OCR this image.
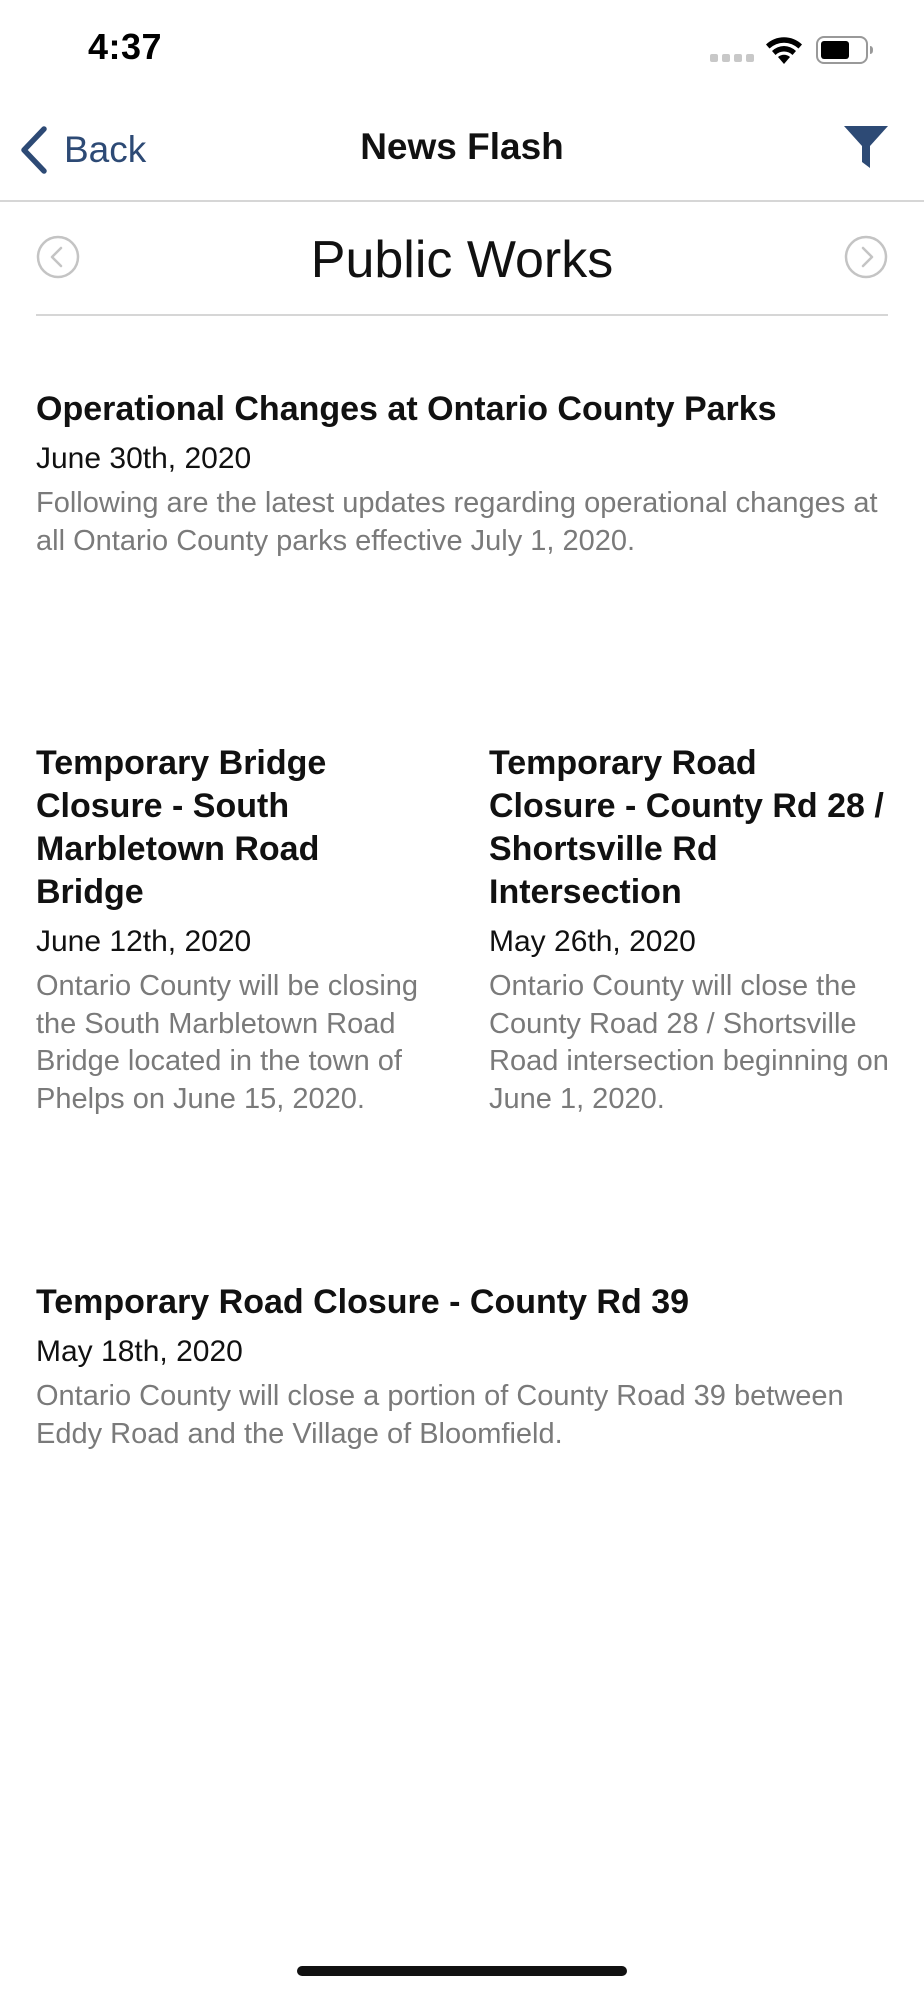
4:37
Back	News Flash
Public Works
Operational Changes at Ontario County Parks
June 30th, 2020
Following are the latest updates regarding operational changes at all Ontario County parks effective July 1, 2020.
Temporary Bridge Closure - South Marbletown Road Bridge
June 12th, 2020
Ontario County will be closing the South Marbletown Road Bridge located in the town of Phelps on June 15, 2020.
Temporary Road Closure - County Rd 28 / Shortsville Rd Intersection
May 26th, 2020
Ontario County will close the County Road 28 / Shortsville Road intersection beginning on June 1, 2020.
Temporary Road Closure - County Rd 39
May 18th, 2020
Ontario County will close a portion of County Road 39 between Eddy Road and the Village of Bloomfield.
